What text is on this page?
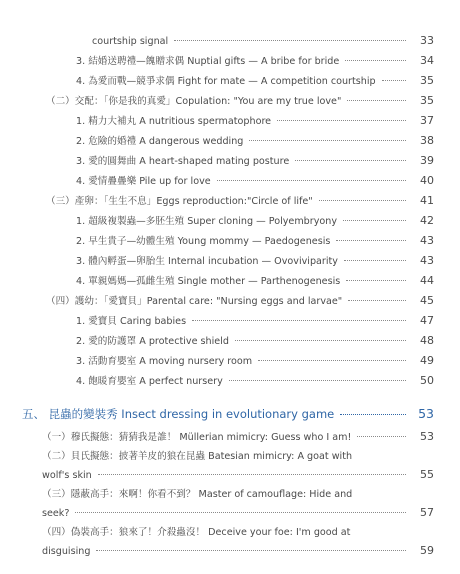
courtship signal	33
3. 結婚送聘禮—餽贈求偶 Nuptial gifts — A bribe for bride	34
4. 為愛而戰—競爭求偶 Fight for mate — A competition courtship	35
（二）交配：「你是我的真愛」Copulation: "You are my true love"	35
1. 精力大補丸 A nutritious spermatophore	37
2. 危險的婚禮 A dangerous wedding	38
3. 愛的圓舞曲 A heart-shaped mating posture	39
4. 愛情疊疊樂 Pile up for love	40
（三）產卵：「生生不息」Eggs reproduction:"Circle of life"	41
1. 超級複製蟲—多胚生殖 Super cloning — Polyembryony	42
2. 早生貴子—幼體生殖 Young mommy — Paedogenesis	43
3. 體內孵蛋—卵胎生 Internal incubation — Ovoviviparity	43
4. 單親媽媽—孤雌生殖 Single mother — Parthenogenesis	44
（四）護幼：「愛寶貝」Parental care: "Nursing eggs and larvae"	45
1. 愛寶貝 Caring babies	47
2. 愛的防護罩 A protective shield	48
3. 活動育嬰室 A moving nursery room	49
4. 飽暖育嬰室 A perfect nursery	50
五、 昆蟲的變裝秀 Insect dressing in evolutionary game	53
（一）穆氏擬態：猜猜我是誰！ Müllerian mimicry: Guess who I am!	53
（二）貝氏擬態：披著羊皮的狼在昆蟲 Batesian mimicry: A goat with
wolf's skin	55
（三）隱蔽高手：來啊！你看不到？ Master of camouflage: Hide and
seek?	57
（四）偽裝高手：狼來了！介殺蟲沒！ Deceive your foe: I'm good at
disguising	59
